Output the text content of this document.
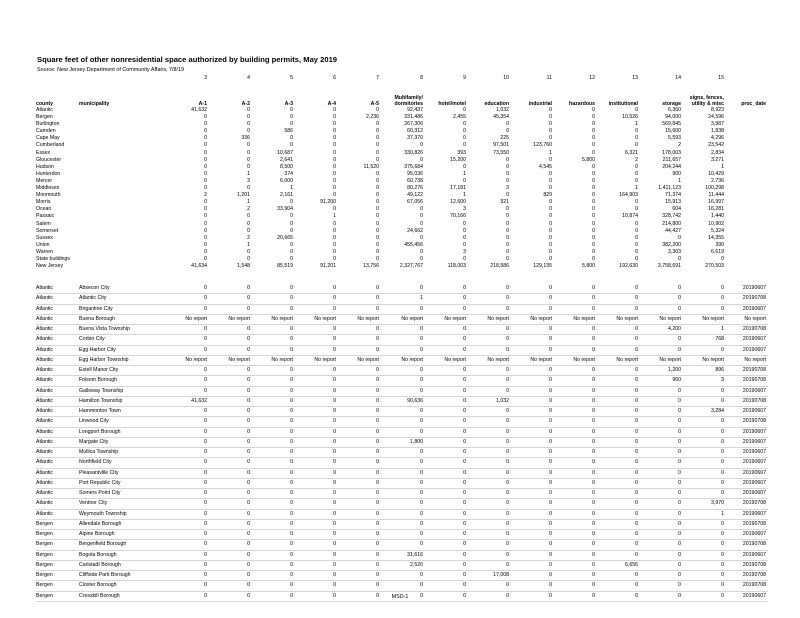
Square feet of other nonresidential space authorized by building permits, May 2019
Source: New Jersey Department of Community Affairs, 7/8/19
		3	4	5	6	7	8	9	10	11	12	13	14	15	
county	municipality	A-1	A-2	A-3	A-4	A-5	Multifamily/ dormitories	hotel/motel	education	industrial	hazardous	institutional	storage	signs, fences, utility & misc	proc_date
Atlantic		41,632	0	0	0	0	92,437	0	1,032	0	0	0	6,360	8,923	
Bergen		0	0	0	0	2,236	331,486	2,455	45,354	0	0	10,526	94,000	24,596	
Burlington		0	0	0	0	0	267,306	0	0	0	0	1	569,845	3,987	
Camden		0	0	586	0	0	60,312	0	0	0	0	0	15,600	1,838	
Cape May		0	336	0	0	0	37,370	0	225	0	0	0	5,593	4,296	
Cumberland		0	0	0	0	0	0	0	97,501	123,760	0	0	2	23,542	
Essex		0	0	10,687	0	0	330,826	393	73,550	1	0	6,321	178,003	2,834	
Gloucester		0	0	2,641	0	0	0	15,200	0	0	5,800	2	211,657	3,271	
Hudson		0	0	8,500	0	11,520	375,684	0	0	4,545	0	0	204,244	1	
Hunterdon		0	1	374	0	0	95,036	1	0	0	0	0	900	10,429	
Mercer		0	3	6,000	0	0	60,738	0	0	0	0	0	1	2,736	
Middlesex		0	0	1	0	0	80,276	17,181	3	0	0	1	1,411,123	100,298	
Monmouth		2	1,201	2,161	0	0	49,122	1	0	829	0	164,903	71,374	11,444	
Morris		0	1	0	91,200	0	67,056	12,600	921	0	0	0	15,913	16,997	
Ocean		0	2	33,904	0	0	0	3	0	0	0	0	604	16,281	
Passaic		0	0	0	1	0	0	70,166	0	0	0	10,874	328,742	1,440	
Salem		0	0	0	0	0	0	0	0	0	0	0	214,800	10,902	
Somerset		0	0	0	0	0	24,662	0	0	0	0	0	44,427	5,324	
Sussex		0	2	20,665	0	0	0	0	0	0	0	0	0	14,355	
Union		0	1	0	0	0	455,456	0	0	0	0	0	382,200	390	
Warren		0	0	0	0	0	0	3	0	0	0	0	3,303	6,619	
State buildings		0	0	0	0	0	0	0	0	0	0	0	0	0	
New Jersey		41,634	1,548	85,519	91,201	13,756	2,327,767	118,003	218,586	129,135	5,800	192,630	3,758,691	270,503	
Atlantic	Absecon City	0	0	0	0	0	0	0	0	0	0	0	0	0	20190607
Atlantic	Atlantic City	0	0	0	0	0	1	0	0	0	0	0	0	0	20190708
Atlantic	Brigantine City	0	0	0	0	0	0	0	0	0	0	0	0	0	20190607
Atlantic	Buena Borough	No report	No report	No report	No report	No report	No report	No report	No report	No report	No report	No report	No report	No report	No report
Atlantic	Buena Vista Township	0	0	0	0	0	0	0	0	0	0	0	4,200	1	20190708
Atlantic	Corbin City	0	0	0	0	0	0	0	0	0	0	0	0	768	20190607
Atlantic	Egg Harbor City	0	0	0	0	0	0	0	0	0	0	0	0	0	20190607
Atlantic	Egg Harbor Township	No report	No report	No report	No report	No report	No report	No report	No report	No report	No report	No report	No report	No report	No report
Atlantic	Estell Manor City	0	0	0	0	0	0	0	0	0	0	0	1,200	896	20190708
Atlantic	Folsom Borough	0	0	0	0	0	0	0	0	0	0	0	960	3	20190708
Atlantic	Galloway Township	0	0	0	0	0	0	0	0	0	0	0	0	0	20190607
Atlantic	Hamilton Township	41,632	0	0	0	0	90,636	0	1,032	0	0	0	0	0	20190708
Atlantic	Hammonton Town	0	0	0	0	0	0	0	0	0	0	0	0	3,284	20190607
Atlantic	Linwood City	0	0	0	0	0	0	0	0	0	0	0	0	0	20190708
Atlantic	Longport Borough	0	0	0	0	0	0	0	0	0	0	0	0	0	20190607
Atlantic	Margate City	0	0	0	0	0	1,800	0	0	0	0	0	0	0	20190607
Atlantic	Mullica Township	0	0	0	0	0	0	0	0	0	0	0	0	0	20190607
Atlantic	Northfield City	0	0	0	0	0	0	0	0	0	0	0	0	0	20190607
Atlantic	Pleasantville City	0	0	0	0	0	0	0	0	0	0	0	0	0	20190607
Atlantic	Port Republic City	0	0	0	0	0	0	0	0	0	0	0	0	0	20190607
Atlantic	Somers Point City	0	0	0	0	0	0	0	0	0	0	0	0	0	20190607
Atlantic	Ventnor City	0	0	0	0	0	0	0	0	0	0	0	0	3,970	20190708
Atlantic	Weymouth Township	0	0	0	0	0	0	0	0	0	0	0	0	1	20190607
Bergen	Allendale Borough	0	0	0	0	0	0	0	0	0	0	0	0	0	20190708
Bergen	Alpine Borough	0	0	0	0	0	0	0	0	0	0	0	0	0	20190607
Bergen	Bergenfield Borough	0	0	0	0	0	0	0	0	0	0	0	0	0	20190708
Bergen	Bogota Borough	0	0	0	0	0	31,616	0	0	0	0	0	0	0	20190607
Bergen	Carlstadt Borough	0	0	0	0	0	2,520	0	0	0	0	6,656	0	0	20190708
Bergen	Cliffside Park Borough	0	0	0	0	0	0	0	17,008	0	0	0	0	0	20190708
Bergen	Closter Borough	0	0	0	0	0	0	0	0	0	0	0	0	0	20190708
Bergen	Cresskill Borough	0	0	0	0	0	0	0	0	0	0	0	0	0	20190607
MSD-1
